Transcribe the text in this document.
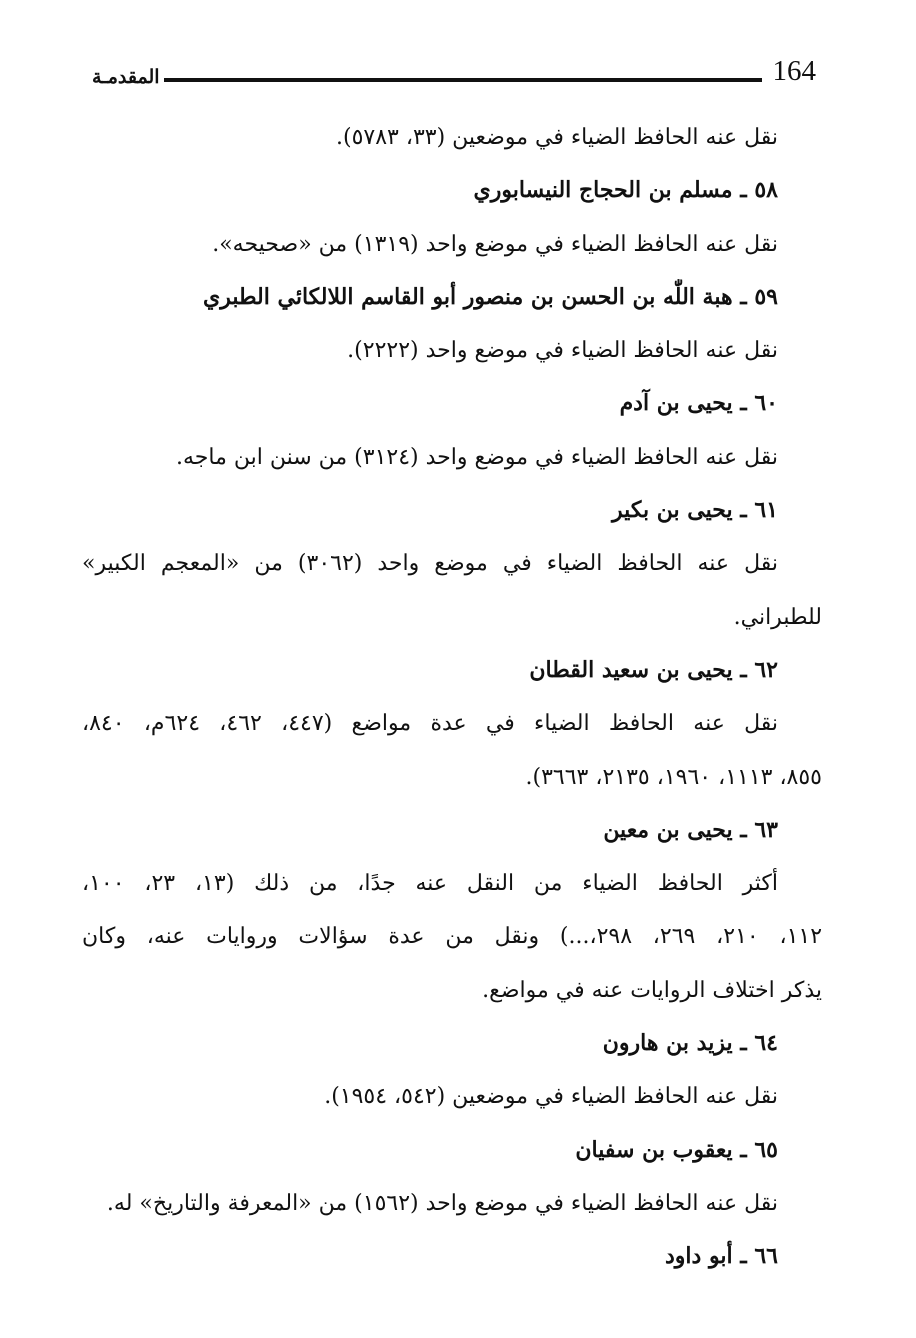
164
المقدمـة
نقل عنه الحافظ الضياء في موضعين (٣٣، ٥٧٨٣).
٥٨ ـ مسلم بن الحجاج النيسابوري
نقل عنه الحافظ الضياء في موضع واحد (١٣١٩) من «صحيحه».
٥٩ ـ هبة اللّٰه بن الحسن بن منصور أبو القاسم اللالكائي الطبري
نقل عنه الحافظ الضياء في موضع واحد (٢٢٢٢).
٦٠ ـ يحيى بن آدم
نقل عنه الحافظ الضياء في موضع واحد (٣١٢٤) من سنن ابن ماجه.
٦١ ـ يحيى بن بكير
نقل عنه الحافظ الضياء في موضع واحد (٣٠٦٢) من «المعجم الكبير»
للطبراني.
٦٢ ـ يحيى بن سعيد القطان
نقل عنه الحافظ الضياء في عدة مواضع (٤٤٧، ٤٦٢، ٦٢٤م، ٨٤٠،
٨٥٥، ١١١٣، ١٩٦٠، ٢١٣٥، ٣٦٦٣).
٦٣ ـ يحيى بن معين
أكثر الحافظ الضياء من النقل عنه جدًا، من ذلك (١٣، ٢٣، ١٠٠،
١١٢، ٢١٠، ٢٦٩، ٢٩٨،...) ونقل من عدة سؤالات وروايات عنه، وكان
يذكر اختلاف الروايات عنه في مواضع.
٦٤ ـ يزيد بن هارون
نقل عنه الحافظ الضياء في موضعين (٥٤٢، ١٩٥٤).
٦٥ ـ يعقوب بن سفيان
نقل عنه الحافظ الضياء في موضع واحد (١٥٦٢) من «المعرفة والتاريخ» له.
٦٦ ـ أبو داود
